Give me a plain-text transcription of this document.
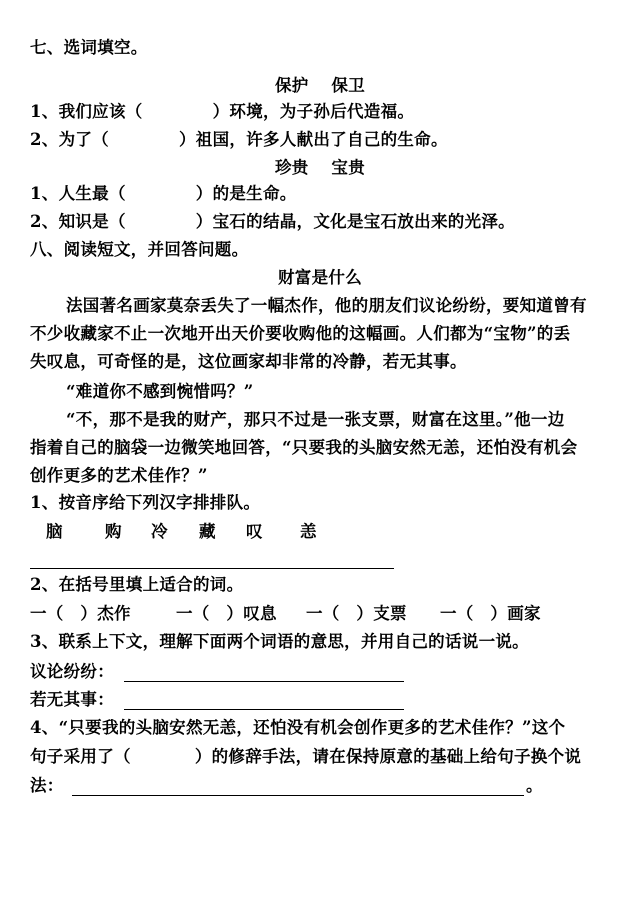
七、选词填空。
保护　 保卫
1、我们应该（	）环境，为子孙后代造福。
2、为了（	）祖国，许多人献出了自己的生命。
珍贵　 宝贵
1、人生最（	）的是生命。
2、知识是（	）宝石的结晶，文化是宝石放出来的光泽。
八、阅读短文，并回答问题。
财富是什么
法国著名画家莫奈丢失了一幅杰作，他的朋友们议论纷纷，要知道曾有
不少收藏家不止一次地开出天价要收购他的这幅画。人们都为“宝物”的丢
失叹息，可奇怪的是，这位画家却非常的冷静，若无其事。
“难道你不感到惋惜吗？”
“不，那不是我的财产，那只不过是一张支票，财富在这里。”他一边
指着自己的脑袋一边微笑地回答，“只要我的头脑安然无恙，还怕没有机会
创作更多的艺术佳作？”
1、按音序给下列汉字排排队。
脑	购 冷 藏 叹 恙
2、在括号里填上适合的词。
一（　）杰作	一（　）叹息 一（　）支票 一（　）画家
3、联系上下文，理解下面两个词语的意思，并用自己的话说一说。
议论纷纷：
若无其事：
4、“只要我的头脑安然无恙，还怕没有机会创作更多的艺术佳作？”这个
句子采用了（	）的修辞手法，请在保持原意的基础上给句子换个说
法：	。
